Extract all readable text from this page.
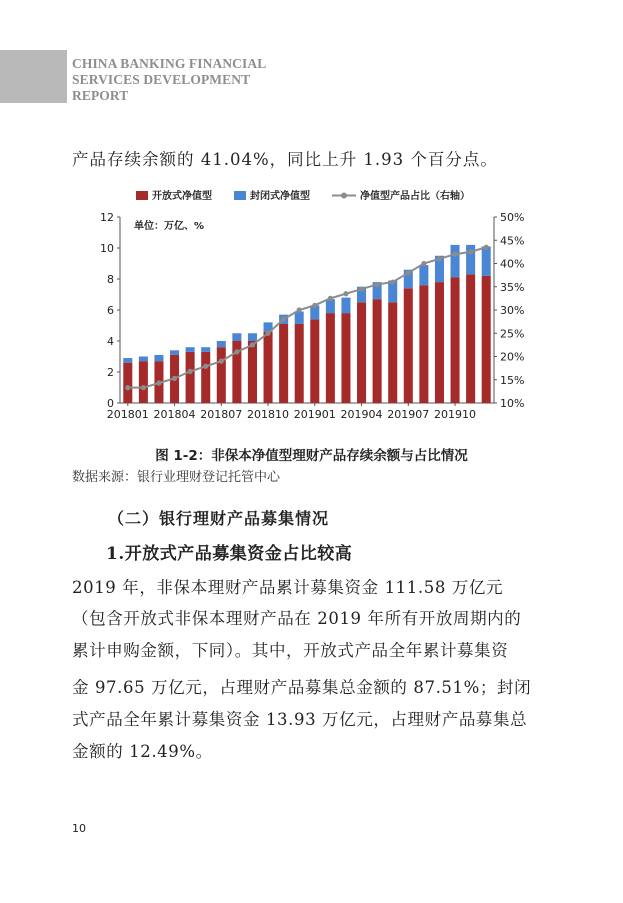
CHINA BANKING FINANCIAL
SERVICES DEVELOPMENT
REPORT
产品存续余额的 41.04%，同比上升 1.93 个百分点。
开放式净值型	封闭式净值型	净值型产品占比（右轴）
单位：万亿、%
0
2
4
6
8
10
12
10%
15%
20%
25%
30%
35%
40%
45%
50%
201801 201804 201807 201810 201901 201904 201907 201910
图 1-2：非保本净值型理财产品存续余额与占比情况
数据来源：银行业理财登记托管中心
（二）银行理财产品募集情况
1.开放式产品募集资金占比较高
2019 年，非保本理财产品累计募集资金 111.58 万亿元
（包含开放式非保本理财产品在 2019 年所有开放周期内的
累计申购金额，下同）。其中，开放式产品全年累计募集资
金 97.65 万亿元，占理财产品募集总金额的 87.51%；封闭
式产品全年累计募集资金 13.93 万亿元，占理财产品募集总
金额的 12.49%。
10
